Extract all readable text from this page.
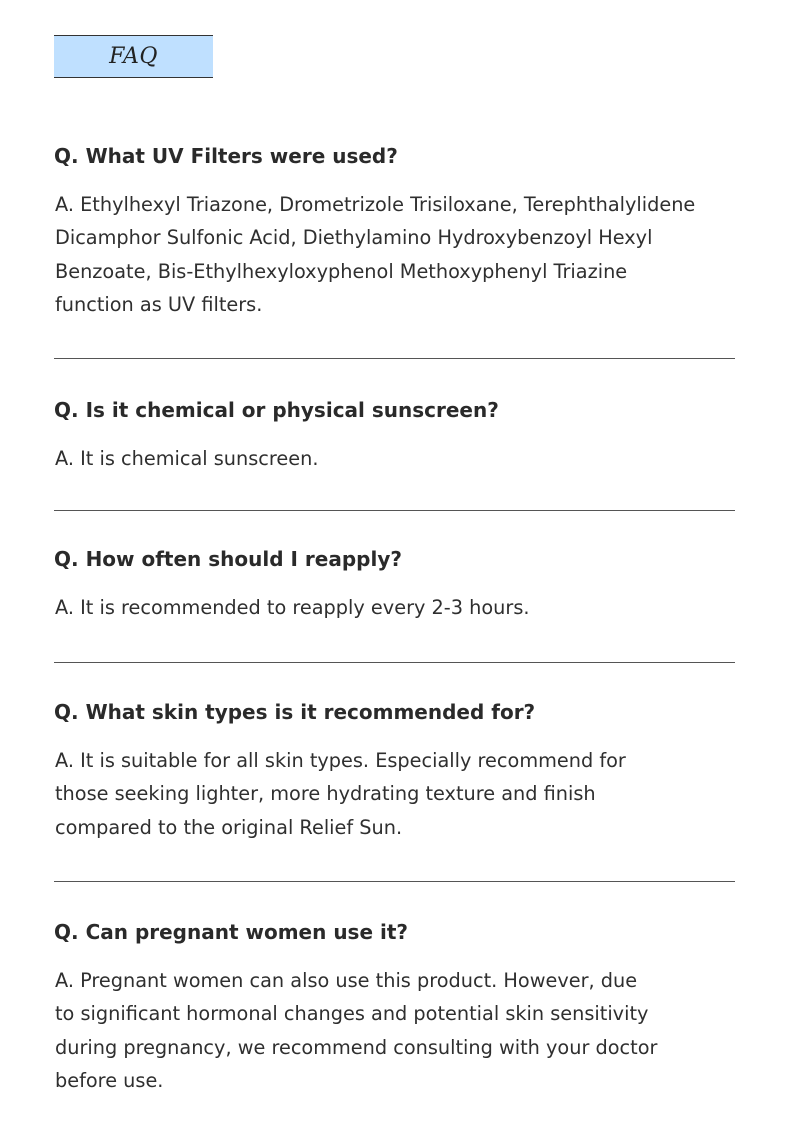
FAQ

Q. What UV Filters were used?

A. Ethylhexyl Triazone, Drometrizole Trisiloxane, Terephthalylidene
Dicamphor Sulfonic Acid, Diethylamino Hydroxybenzoyl Hexyl
Benzoate, Bis-Ethylhexyloxyphenol Methoxyphenyl Triazine
function as UV filters.

Q. Is it chemical or physical sunscreen?

A. It is chemical sunscreen.

Q. How often should I reapply?

A. It is recommended to reapply every 2-3 hours.

Q. What skin types is it recommended for?

A. It is suitable for all skin types. Especially recommend for
those seeking lighter, more hydrating texture and finish
compared to the original Relief Sun.

Q. Can pregnant women use it?

A. Pregnant women can also use this product. However, due
to significant hormonal changes and potential skin sensitivity
during pregnancy, we recommend consulting with your doctor
before use.
